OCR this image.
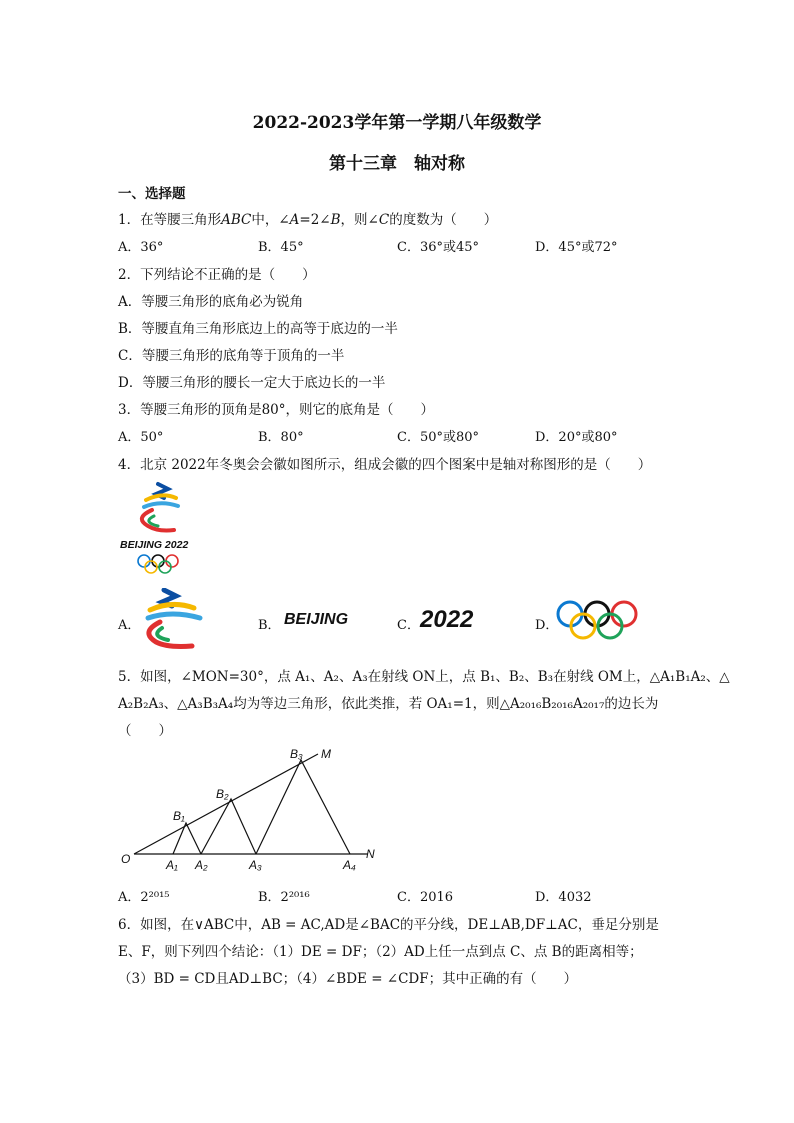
2022-2023学年第一学期八年级数学
第十三章　轴对称
一、选择题
1．在等腰三角形ABC中，∠A=2∠B，则∠C的度数为（　　）
A．36°	B．45°	C．36°或45°	D．45°或72°
2．下列结论不正确的是（　　）
A．等腰三角形的底角必为锐角
B．等腰直角三角形底边上的高等于底边的一半
C．等腰三角形的底角等于顶角的一半
D．等腰三角形的腰长一定大于底边长的一半
3．等腰三角形的顶角是80°，则它的底角是（　　）
A．50°	B．80°	C．50°或80°	D．20°或80°
4．北京 2022年冬奥会会徽如图所示，组成会徽的四个图案中是轴对称图形的是（　　）
BEIJING 2022
A．	B． BEIJING	C． 2022	D．
5．如图，∠MON=30°，点 A₁、A₂、A₃在射线 ON上，点 B₁、B₂、B₃在射线 OM上，△A₁B₁A₂、△
A₂B₂A₃、△A₃B₃A₄均为等边三角形，依此类推，若 OA₁=1，则△A₂₀₁₆B₂₀₁₆A₂₀₁₇的边长为
（　　）
O
M
N
A₁ A₂	A₃	A₄
B₁
B₂
B₃
A．2²⁰¹⁵	B．2²⁰¹⁶	C．2016	D．4032
6．如图，在∨ABC中，AB = AC,AD是∠BAC的平分线，DE⊥AB,DF⊥AC，垂足分别是
E、F，则下列四个结论：（1）DE = DF；（2）AD上任一点到点 C、点 B的距离相等；
（3）BD = CD且AD⊥BC；（4）∠BDE = ∠CDF；其中正确的有（　　）
